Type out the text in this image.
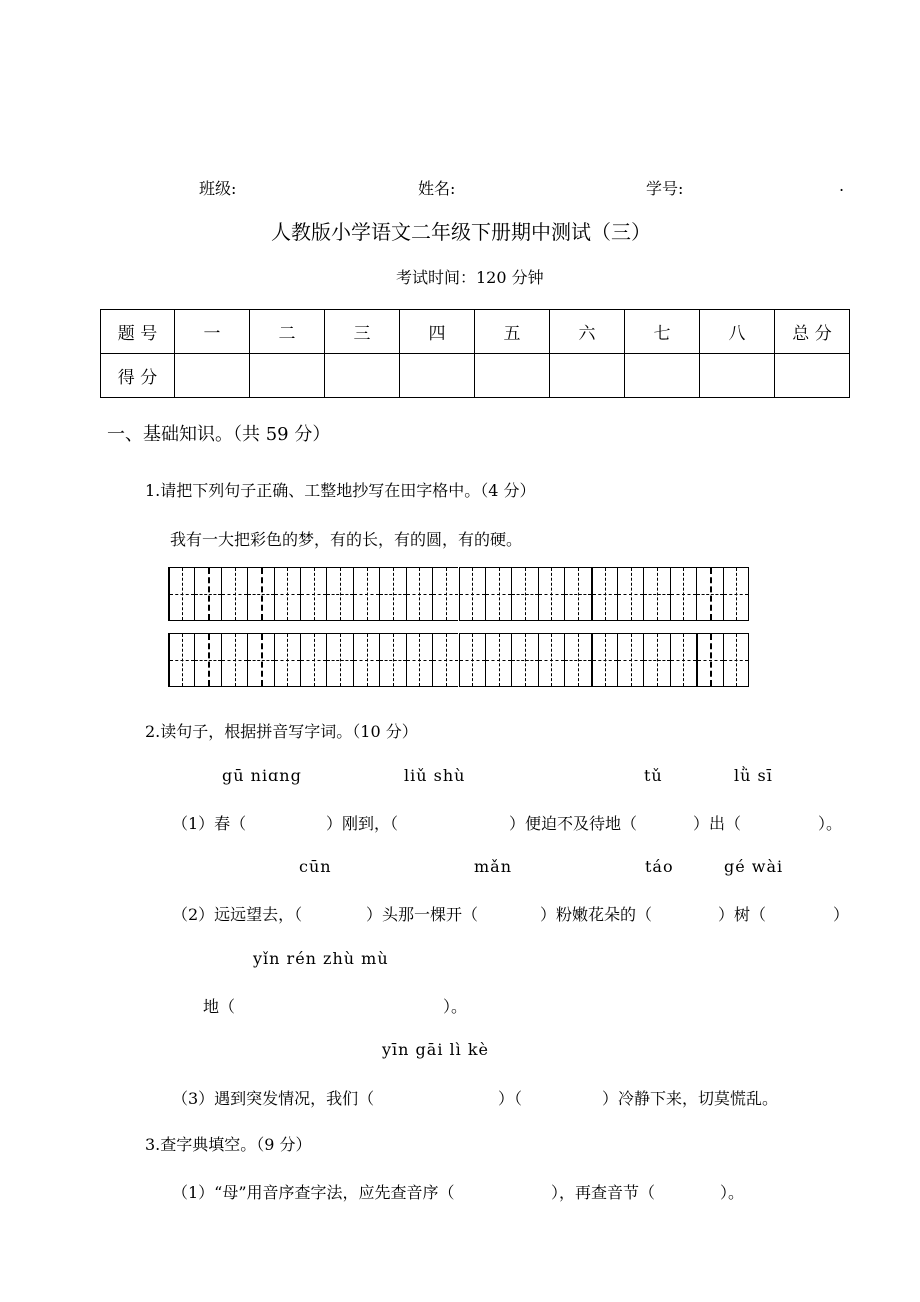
班级:	姓名:	学号:	.
人教版小学语文二年级下册期中测试（三）
考试时间：120 分钟
题 号	一	二	三	四	五	六	七	八	总 分
得 分									
一、基础知识。（共 59 分）
1.请把下列句子正确、工整地抄写在田字格中。（4 分）
我有一大把彩色的梦，有的长，有的圆，有的硬。
2.读句子，根据拼音写字词。（10 分）
gū niɑng	liǔ shù	tǔ	lǜ sī
（1）春（	）刚到，（	）便迫不及待地（	）出（	）。
cūn	mǎn	táo	gé wài
（2）远远望去，（	）头那一棵开（	）粉嫩花朵的（	）树（	）
yǐn rén zhù mù
地（	）。
yīn gāi lì kè
（3）遇到突发情况，我们（	）（	）冷静下来，切莫慌乱。
3.查字典填空。（9 分）
（1）“母”用音序查字法，应先查音序（	），再查音节（	）。
